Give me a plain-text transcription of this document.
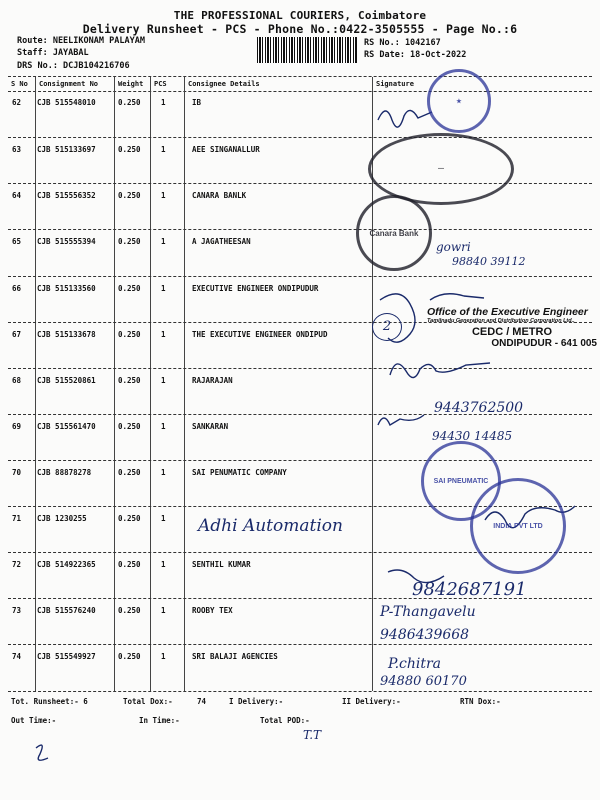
THE PROFESSIONAL COURIERS, Coimbatore
Delivery Runsheet - PCS - Phone No.:0422-3505555 - Page No.:6
Route: NEELIKONAM PALAYAM
Staff: JAYABAL
DRS No.: DCJB104216706
RS No.: 1042167
RS Date: 18-Oct-2022
S No Consignment No	Weight PCS	Consignee Details	Signature
62 CJB 515548010	0.250	1	IB
63 CJB 515133697	0.250	1	AEE SINGANALLUR
64 CJB 515556352	0.250	1	CANARA BANLK
65 CJB 515555394	0.250	1	A JAGATHEESAN
66 CJB 515133560	0.250	1	EXECUTIVE ENGINEER ONDIPUDUR
67 CJB 515133678	0.250	1	THE EXECUTIVE ENGINEER ONDIPUD
68 CJB 515520861	0.250	1	RAJARAJAN
69 CJB 515561470	0.250	1	SANKARAN
70 CJB 88878278	0.250	1	SAI PENUMATIC COMPANY
71 CJB 1230255	0.250	1
72 CJB 514922365	0.250	1	SENTHIL KUMAR
73 CJB 515576240	0.250	1	ROOBY TEX
74 CJB 515549927	0.250	1	SRI BALAJI AGENCIES
Tot. Runsheet:- 6	Total Dox:-	74	I Delivery:-	II Delivery:-	RTN Dox:-
Out Time:-	In Time:-	Total POD:-
Adhi Automation
gowri
98840 39112
9443762500
94430 14485
9842687191
P-Thangavelu
9486439668
P.chitra
94880 60170
2
T.T
★
—
Canara Bank
SAI PNEUMATIC
INDIA PVT LTD
Office of the Executive Engineer
Tamilnadu Generation and Distribution Corporation Ltd.,
CEDC / METRO
ONDIPUDUR - 641 005
